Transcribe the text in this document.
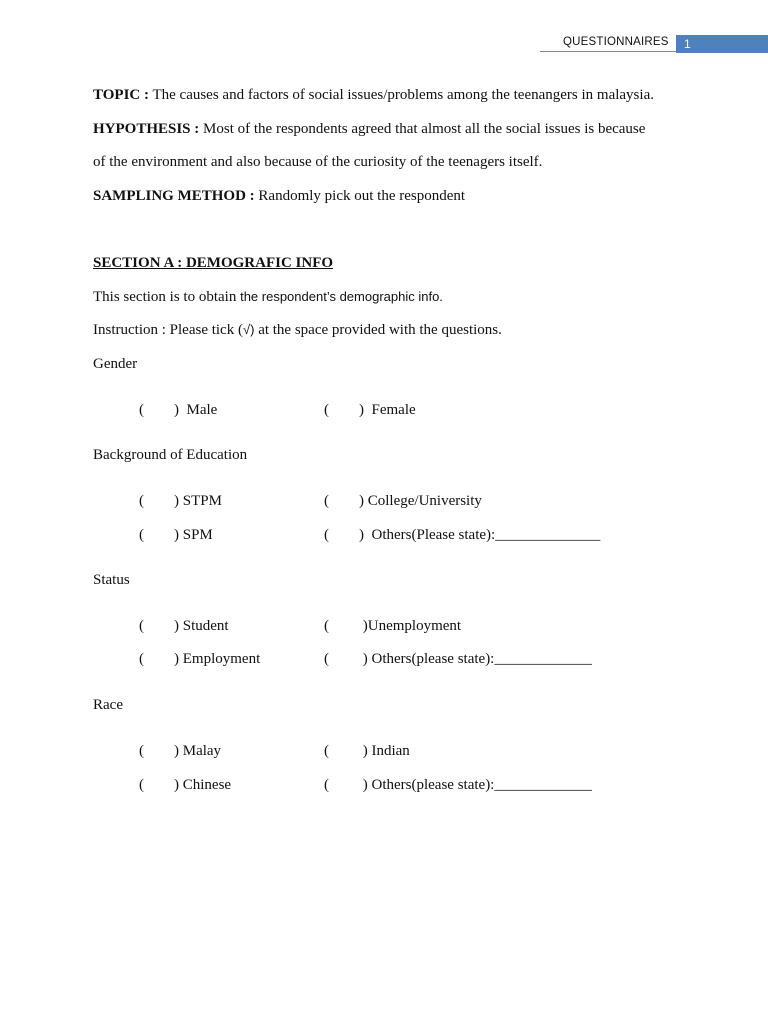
QUESTIONNAIRES	1
TOPIC : The causes and factors of social issues/problems among the teenangers in malaysia.
HYPOTHESIS : Most of the respondents agreed that almost all the social issues is because
of the environment and also because of the curiosity of the teenagers itself.
SAMPLING METHOD : Randomly pick out the respondent
SECTION A : DEMOGRAFIC INFO
This section is to obtain the respondent’s demographic info.
Instruction : Please tick (√) at the space provided with the questions.
Gender
(        )  Male	(        )  Female
Background of Education
(        ) STPM	(        ) College/University
(        ) SPM	(        )  Others(Please state):______________
Status
(        ) Student	(         )Unemployment
(        ) Employment	(         ) Others(please state):_____________
Race
(        ) Malay	(         ) Indian
(        ) Chinese	(         ) Others(please state):_____________
